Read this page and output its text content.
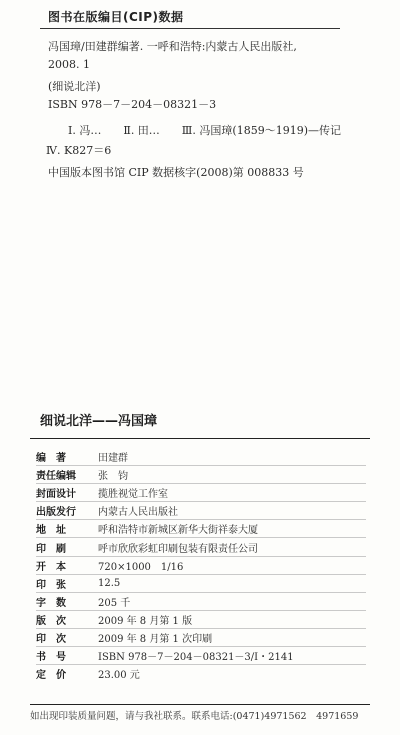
图书在版编目(CIP)数据
冯国璋/田建群编著. 一呼和浩特:内蒙古人民出版社,
2008. 1
(细说北洋)
ISBN 978－7－204－08321－3
Ⅰ. 冯…　　Ⅱ. 田…　　Ⅲ. 冯国璋(1859～1919)—传记
Ⅳ. K827＝6
中国版本图书馆 CIP 数据核字(2008)第 008833 号
细说北洋——冯国璋
编　著	田建群
责任编辑	张　钧
封面设计	揽胜视觉工作室
出版发行	内蒙古人民出版社
地　址	呼和浩特市新城区新华大街祥泰大厦
印　刷	呼市欣欣彩虹印刷包装有限责任公司
开　本	720×1000　1/16
印　张	12.5
字　数	205 千
版　次	2009 年 8 月第 1 版
印　次	2009 年 8 月第 1 次印刷
书　号	ISBN 978－7－204－08321－3/I・2141
定　价	23.00 元
如出现印装质量问题，请与我社联系。联系电话:(0471)4971562　4971659
